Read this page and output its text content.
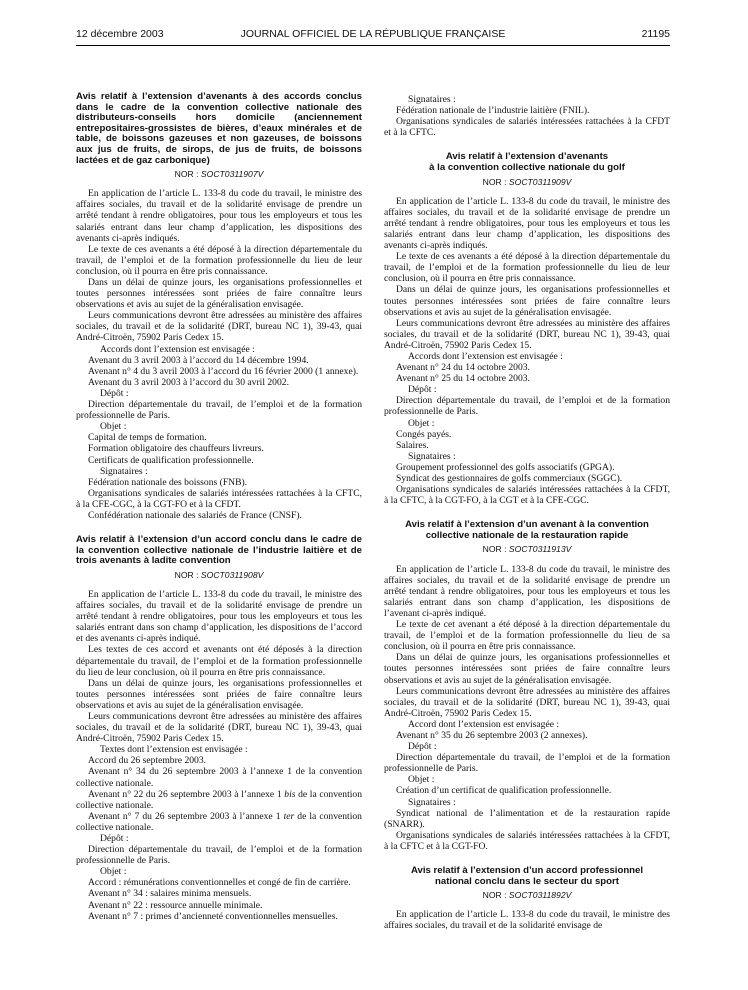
12 décembre 2003	JOURNAL OFFICIEL DE LA RÉPUBLIQUE FRANÇAISE	21195

Avis relatif à l’extension d’avenants à des accords conclus dans le cadre de la convention collective nationale des distributeurs-conseils hors domicile (anciennement entrepositaires-grossistes de bières, d’eaux minérales et de table, de boissons gazeuses et non gazeuses, de boissons aux jus de fruits, de sirops, de jus de fruits, de boissons lactées et de gaz carbonique)

NOR : SOCT0311907V

En application de l’article L. 133-8 du code du travail, le ministre des affaires sociales, du travail et de la solidarité envisage de prendre un arrêté tendant à rendre obligatoires, pour tous les employeurs et tous les salariés entrant dans leur champ d’application, les dispositions des avenants ci-après indiqués.

Le texte de ces avenants a été déposé à la direction départementale du travail, de l’emploi et de la formation professionnelle du lieu de leur conclusion, où il pourra en être pris connaissance.

Dans un délai de quinze jours, les organisations professionnelles et toutes personnes intéressées sont priées de faire connaître leurs observations et avis au sujet de la généralisation envisagée.

Leurs communications devront être adressées au ministère des affaires sociales, du travail et de la solidarité (DRT, bureau NC 1), 39-43, quai André-Citroën, 75902 Paris Cedex 15.

Accords dont l’extension est envisagée :

Avenant du 3 avril 2003 à l’accord du 14 décembre 1994.

Avenant n° 4 du 3 avril 2003 à l’accord du 16 février 2000 (1 annexe).

Avenant du 3 avril 2003 à l’accord du 30 avril 2002.

Dépôt :

Direction départementale du travail, de l’emploi et de la formation professionnelle de Paris.

Objet :

Capital de temps de formation.

Formation obligatoire des chauffeurs livreurs.

Certificats de qualification professionnelle.

Signataires :

Fédération nationale des boissons (FNB).

Organisations syndicales de salariés intéressées rattachées à la CFTC, à la CFE-CGC, à la CGT-FO et à la CFDT.

Confédération nationale des salariés de France (CNSF).

Avis relatif à l’extension d’un accord conclu dans le cadre de la convention collective nationale de l’industrie laitière et de trois avenants à ladite convention

NOR : SOCT0311908V

En application de l’article L. 133-8 du code du travail, le ministre des affaires sociales, du travail et de la solidarité envisage de prendre un arrêté tendant à rendre obligatoires, pour tous les employeurs et tous les salariés entrant dans son champ d’application, les dispositions de l’accord et des avenants ci-après indiqué.

Les textes de ces accord et avenants ont été déposés à la direction départementale du travail, de l’emploi et de la formation professionnelle du lieu de leur conclusion, où il pourra en être pris connaissance.

Dans un délai de quinze jours, les organisations professionnelles et toutes personnes intéressées sont priées de faire connaître leurs observations et avis au sujet de la généralisation envisagée.

Leurs communications devront être adressées au ministère des affaires sociales, du travail et de la solidarité (DRT, bureau NC 1), 39-43, quai André-Citroën, 75902 Paris Cedex 15.

Textes dont l’extension est envisagée :

Accord du 26 septembre 2003.

Avenant n° 34 du 26 septembre 2003 à l’annexe 1 de la convention collective nationale.

Avenant n° 22 du 26 septembre 2003 à l’annexe 1 bis de la convention collective nationale.

Avenant n° 7 du 26 septembre 2003 à l’annexe 1 ter de la convention collective nationale.

Dépôt :

Direction départementale du travail, de l’emploi et de la formation professionnelle de Paris.

Objet :

Accord : rémunérations conventionnelles et congé de fin de carrière.

Avenant n° 34 : salaires minima mensuels.

Avenant n° 22 : ressource annuelle minimale.

Avenant n° 7 : primes d’ancienneté conventionnelles mensuelles.

Signataires :

Fédération nationale de l’industrie laitière (FNIL).

Organisations syndicales de salariés intéressées rattachées à la CFDT et à la CFTC.

Avis relatif à l’extension d’avenants
à la convention collective nationale du golf

NOR : SOCT0311909V

En application de l’article L. 133-8 du code du travail, le ministre des affaires sociales, du travail et de la solidarité envisage de prendre un arrêté tendant à rendre obligatoires, pour tous les employeurs et tous les salariés entrant dans leur champ d’application, les dispositions des avenants ci-après indiqués.

Le texte de ces avenants a été déposé à la direction départementale du travail, de l’emploi et de la formation professionnelle du lieu de leur conclusion, où il pourra en être pris connaissance.

Dans un délai de quinze jours, les organisations professionnelles et toutes personnes intéressées sont priées de faire connaître leurs observations et avis au sujet de la généralisation envisagée.

Leurs communications devront être adressées au ministère des affaires sociales, du travail et de la solidarité (DRT, bureau NC 1), 39-43, quai André-Citroën, 75902 Paris Cedex 15.

Accords dont l’extension est envisagée :

Avenant n° 24 du 14 octobre 2003.

Avenant n° 25 du 14 octobre 2003.

Dépôt :

Direction départementale du travail, de l’emploi et de la formation professionnelle de Paris.

Objet :

Congés payés.

Salaires.

Signataires :

Groupement professionnel des golfs associatifs (GPGA).

Syndicat des gestionnaires de golfs commerciaux (SGGC).

Organisations syndicales de salariés intéressées rattachées à la CFDT, à la CFTC, à la CGT-FO, à la CGT et à la CFE-CGC.

Avis relatif à l’extension d’un avenant à la convention
collective nationale de la restauration rapide

NOR : SOCT0311913V

En application de l’article L. 133-8 du code du travail, le ministre des affaires sociales, du travail et de la solidarité envisage de prendre un arrêté tendant à rendre obligatoires, pour tous les employeurs et tous les salariés entrant dans son champ d’application, les dispositions de l’avenant ci-après indiqué.

Le texte de cet avenant a été déposé à la direction départementale du travail, de l’emploi et de la formation professionnelle du lieu de sa conclusion, où il pourra en être pris connaissance.

Dans un délai de quinze jours, les organisations professionnelles et toutes personnes intéressées sont priées de faire connaître leurs observations et avis au sujet de la généralisation envisagée.

Leurs communications devront être adressées au ministère des affaires sociales, du travail et de la solidarité (DRT, bureau NC 1), 39-43, quai André-Citroën, 75902 Paris Cedex 15.

Accord dont l’extension est envisagée :

Avenant n° 35 du 26 septembre 2003 (2 annexes).

Dépôt :

Direction départementale du travail, de l’emploi et de la formation professionnelle de Paris.

Objet :

Création d’un certificat de qualification professionnelle.

Signataires :

Syndicat national de l’alimentation et de la restauration rapide (SNARR).

Organisations syndicales de salariés intéressées rattachées à la CFDT, à la CFTC et à la CGT-FO.

Avis relatif à l’extension d’un accord professionnel
national conclu dans le secteur du sport

NOR : SOCT0311892V

En application de l’article L. 133-8 du code du travail, le ministre des affaires sociales, du travail et de la solidarité envisage de
